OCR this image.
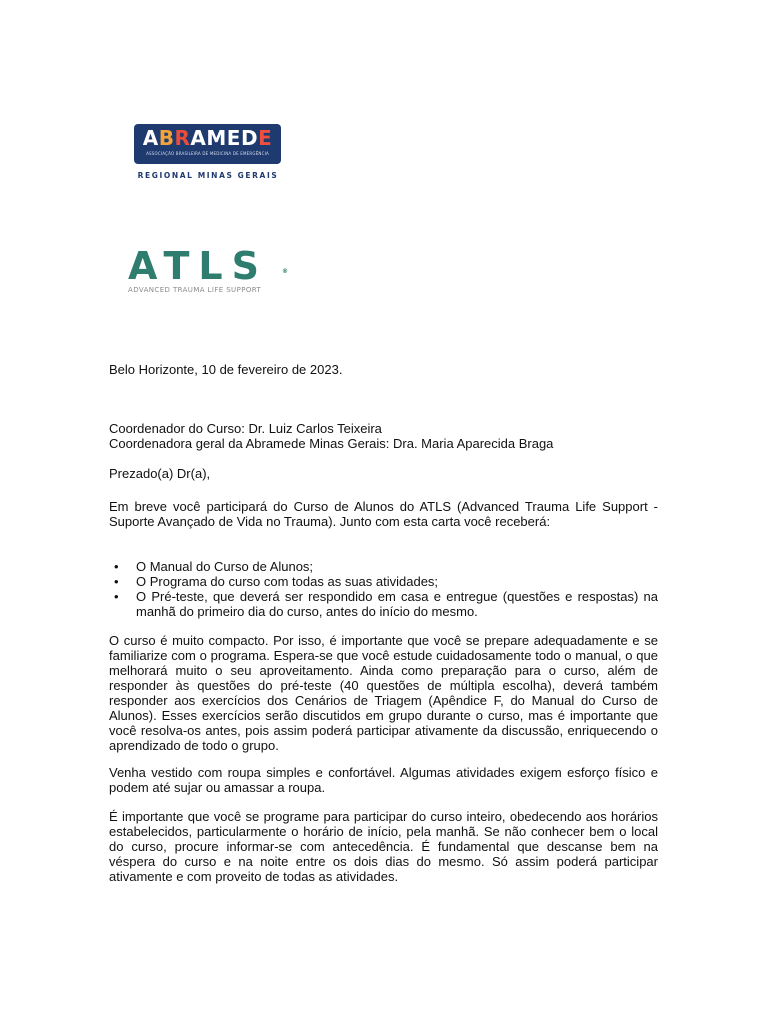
ABRAMEDE
ASSOCIAÇÃO BRASILEIRA DE MEDICINA DE EMERGÊNCIA
REGIONAL MINAS GERAIS
ATLS ®
ADVANCED TRAUMA LIFE SUPPORT
Belo Horizonte, 10 de fevereiro de 2023.
Coordenador do Curso: Dr. Luiz Carlos Teixeira
Coordenadora geral da Abramede Minas Gerais: Dra. Maria Aparecida Braga
Prezado(a) Dr(a),
Em breve você participará do Curso de Alunos do ATLS (Advanced Trauma Life Support - Suporte Avançado de Vida no Trauma). Junto com esta carta você receberá:
• O Manual do Curso de Alunos;
• O Programa do curso com todas as suas atividades;
• O Pré-teste, que deverá ser respondido em casa e entregue (questões e respostas) na manhã do primeiro dia do curso, antes do início do mesmo.
O curso é muito compacto. Por isso, é importante que você se prepare adequadamente e se familiarize com o programa. Espera-se que você estude cuidadosamente todo o manual, o que melhorará muito o seu aproveitamento. Ainda como preparação para o curso, além de responder às questões do pré-teste (40 questões de múltipla escolha), deverá também responder aos exercícios dos Cenários de Triagem (Apêndice F, do Manual do Curso de Alunos). Esses exercícios serão discutidos em grupo durante o curso, mas é importante que você resolva-os antes, pois assim poderá participar ativamente da discussão, enriquecendo o aprendizado de todo o grupo.
Venha vestido com roupa simples e confortável. Algumas atividades exigem esforço físico e podem até sujar ou amassar a roupa.
É importante que você se programe para participar do curso inteiro, obedecendo aos horários estabelecidos, particularmente o horário de início, pela manhã. Se não conhecer bem o local do curso, procure informar-se com antecedência. É fundamental que descanse bem na véspera do curso e na noite entre os dois dias do mesmo. Só assim poderá participar ativamente e com proveito de todas as atividades.
